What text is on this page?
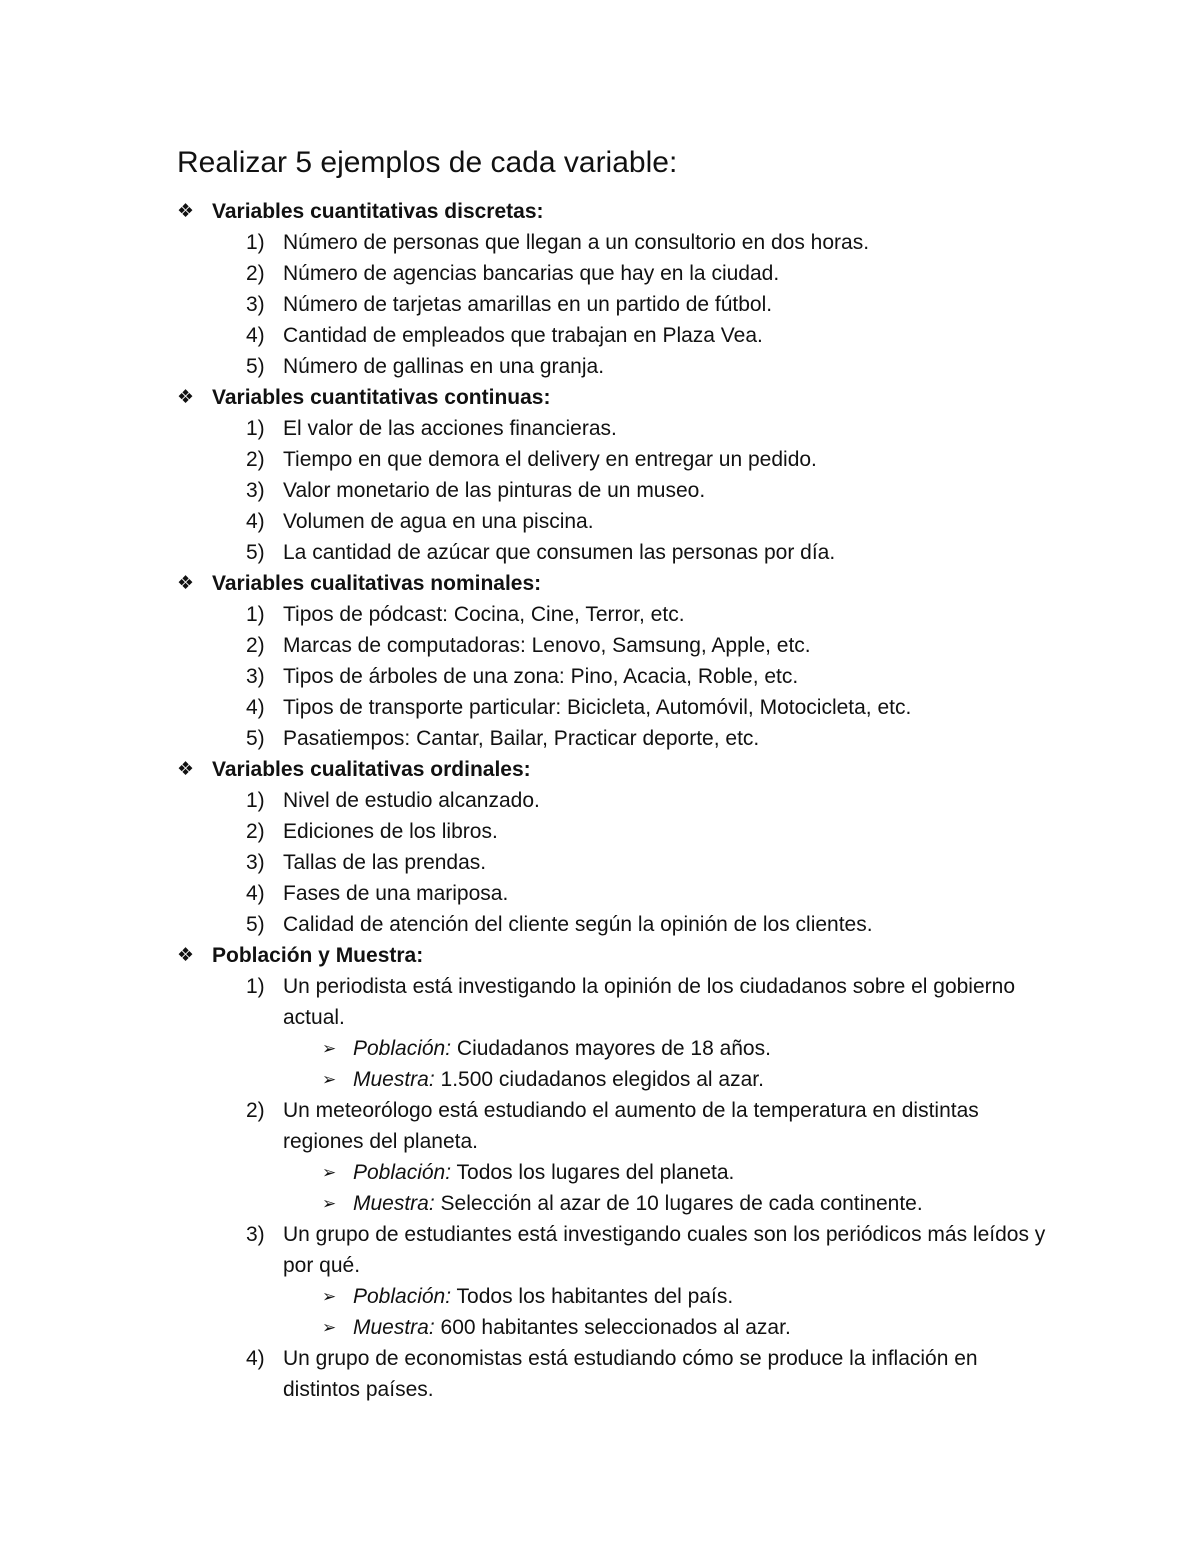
Realizar 5 ejemplos de cada variable:
❖ Variables cuantitativas discretas:
1) Número de personas que llegan a un consultorio en dos horas.
2) Número de agencias bancarias que hay en la ciudad.
3) Número de tarjetas amarillas en un partido de fútbol.
4) Cantidad de empleados que trabajan en Plaza Vea.
5) Número de gallinas en una granja.
❖ Variables cuantitativas continuas:
1) El valor de las acciones financieras.
2) Tiempo en que demora el delivery en entregar un pedido.
3) Valor monetario de las pinturas de un museo.
4) Volumen de agua en una piscina.
5) La cantidad de azúcar que consumen las personas por día.
❖ Variables cualitativas nominales:
1) Tipos de pódcast: Cocina, Cine, Terror, etc.
2) Marcas de computadoras: Lenovo, Samsung, Apple, etc.
3) Tipos de árboles de una zona: Pino, Acacia, Roble, etc.
4) Tipos de transporte particular: Bicicleta, Automóvil, Motocicleta, etc.
5) Pasatiempos: Cantar, Bailar, Practicar deporte, etc.
❖ Variables cualitativas ordinales:
1) Nivel de estudio alcanzado.
2) Ediciones de los libros.
3) Tallas de las prendas.
4) Fases de una mariposa.
5) Calidad de atención del cliente según la opinión de los clientes.
❖ Población y Muestra:
1) Un periodista está investigando la opinión de los ciudadanos sobre el gobierno
actual.
➢ Población: Ciudadanos mayores de 18 años.
➢ Muestra: 1.500 ciudadanos elegidos al azar.
2) Un meteorólogo está estudiando el aumento de la temperatura en distintas
regiones del planeta.
➢ Población: Todos los lugares del planeta.
➢ Muestra: Selección al azar de 10 lugares de cada continente.
3) Un grupo de estudiantes está investigando cuales son los periódicos más leídos y
por qué.
➢ Población: Todos los habitantes del país.
➢ Muestra: 600 habitantes seleccionados al azar.
4) Un grupo de economistas está estudiando cómo se produce la inflación en
distintos países.
